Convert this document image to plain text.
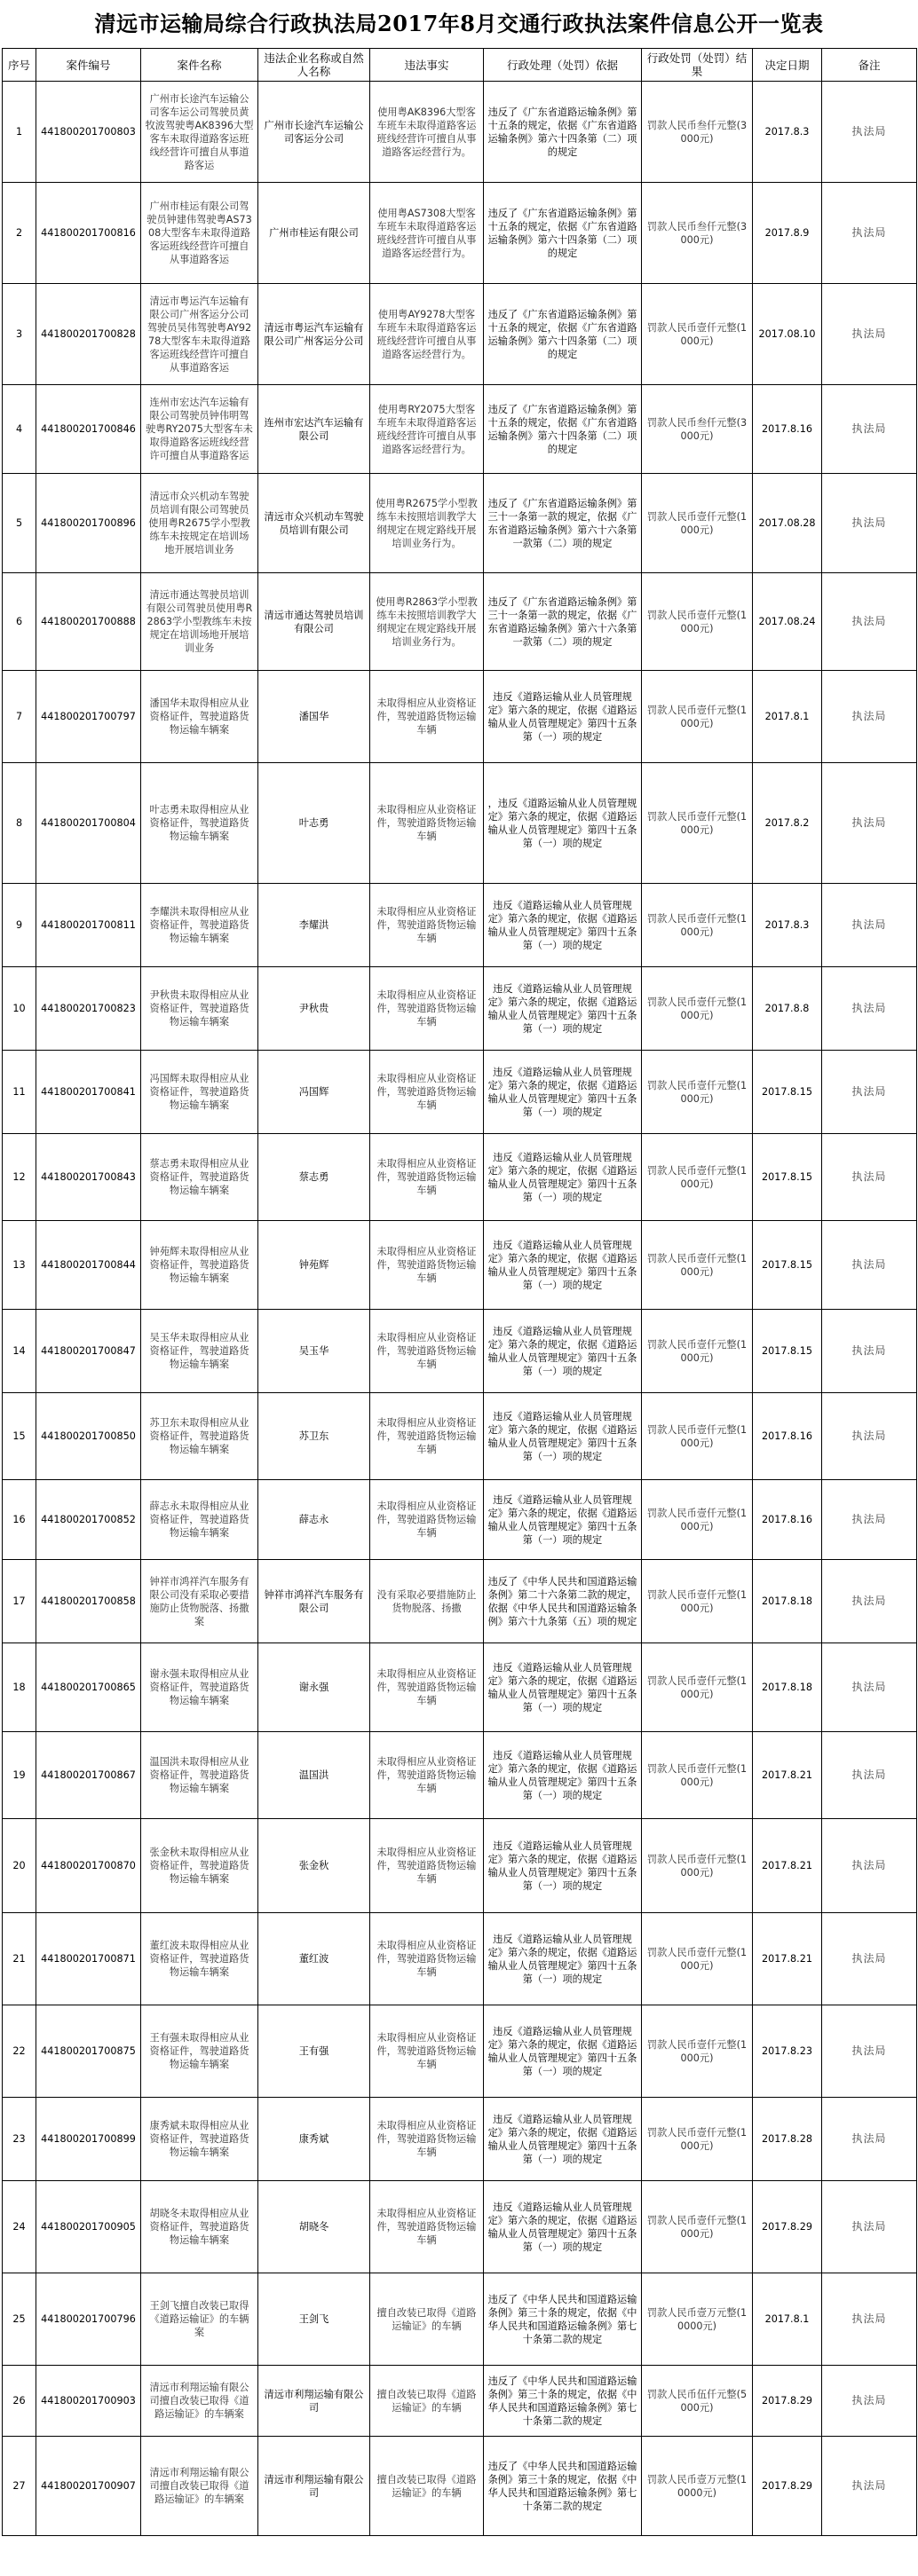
清远市运输局综合行政执法局2017年8月交通行政执法案件信息公开一览表
序号	案件编号	案件名称	违法企业名称或自然人名称	违法事实	行政处理（处罚）依据	行政处罚（处罚）结果	决定日期	备注
1	441800201700803	广州市长途汽车运输公司客车运公司驾驶员黄牧波驾驶粤AK8396大型客车未取得道路客运班线经营许可擅自从事道路客运	广州市长途汽车运输公司客运分公司	使用粤AK8396大型客车班车未取得道路客运班线经营许可擅自从事道路客运经营行为。	违反了《广东省道路运输条例》第十五条的规定，依据《广东省道路运输条例》第六十四条第（二）项的规定	罚款人民币叁仟元整(3000元)	2017.8.3	执法局
2	441800201700816	广州市桂运有限公司驾驶员钟建伟驾驶粤AS7308大型客车未取得道路客运班线经营许可擅自从事道路客运	广州市桂运有限公司	使用粤AS7308大型客车班车未取得道路客运班线经营许可擅自从事道路客运经营行为。	违反了《广东省道路运输条例》第十五条的规定，依据《广东省道路运输条例》第六十四条第（二）项的规定	罚款人民币叁仟元整(3000元)	2017.8.9	执法局
3	441800201700828	清远市粤运汽车运输有限公司广州客运分公司驾驶员吴伟驾驶粤AY9278大型客车未取得道路客运班线经营许可擅自从事道路客运	清远市粤运汽车运输有限公司广州客运分公司	使用粤AY9278大型客车班车未取得道路客运班线经营许可擅自从事道路客运经营行为。	违反了《广东省道路运输条例》第十五条的规定，依据《广东省道路运输条例》第六十四条第（二）项的规定	罚款人民币壹仟元整(1000元)	2017.08.10	执法局
4	441800201700846	连州市宏达汽车运输有限公司驾驶员钟伟明驾驶粤RY2075大型客车未取得道路客运班线经营许可擅自从事道路客运	连州市宏达汽车运输有限公司	使用粤RY2075大型客车班车未取得道路客运班线经营许可擅自从事道路客运经营行为。	违反了《广东省道路运输条例》第十五条的规定，依据《广东省道路运输条例》第六十四条第（二）项的规定	罚款人民币叁仟元整(3000元)	2017.8.16	执法局
5	441800201700896	清远市众兴机动车驾驶员培训有限公司驾驶员使用粤R2675学小型教练车未按规定在培训场地开展培训业务	清远市众兴机动车驾驶员培训有限公司	使用粤R2675学小型教练车未按照培训教学大纲规定在规定路线开展培训业务行为。	违反了《广东省道路运输条例》第三十一条第一款的规定，依据《广东省道路运输条例》第六十六条第一款第（二）项的规定	罚款人民币壹仟元整(1000元)	2017.08.28	执法局
6	441800201700888	清远市通达驾驶员培训有限公司驾驶员使用粤R2863学小型教练车未按规定在培训场地开展培训业务	清远市通达驾驶员培训有限公司	使用粤R2863学小型教练车未按照培训教学大纲规定在规定路线开展培训业务行为。	违反了《广东省道路运输条例》第三十一条第一款的规定，依据《广东省道路运输条例》第六十六条第一款第（二）项的规定	罚款人民币壹仟元整(1000元)	2017.08.24	执法局
7	441800201700797	潘国华未取得相应从业资格证件，驾驶道路货物运输车辆案	潘国华	未取得相应从业资格证件，驾驶道路货物运输车辆	违反《道路运输从业人员管理规定》第六条的规定，依据《道路运输从业人员管理规定》第四十五条第（一）项的规定	罚款人民币壹仟元整(1000元)	2017.8.1	执法局
8	441800201700804	叶志勇未取得相应从业资格证件，驾驶道路货物运输车辆案	叶志勇	未取得相应从业资格证件，驾驶道路货物运输车辆	，违反《道路运输从业人员管理规定》第六条的规定，依据《道路运输从业人员管理规定》第四十五条第（一）项的规定	罚款人民币壹仟元整(1000元)	2017.8.2	执法局
9	441800201700811	李耀洪未取得相应从业资格证件，驾驶道路货物运输车辆案	李耀洪	未取得相应从业资格证件，驾驶道路货物运输车辆	违反《道路运输从业人员管理规定》第六条的规定，依据《道路运输从业人员管理规定》第四十五条第（一）项的规定	罚款人民币壹仟元整(1000元)	2017.8.3	执法局
10	441800201700823	尹秋贵未取得相应从业资格证件，驾驶道路货物运输车辆案	尹秋贵	未取得相应从业资格证件，驾驶道路货物运输车辆	违反《道路运输从业人员管理规定》第六条的规定，依据《道路运输从业人员管理规定》第四十五条第（一）项的规定	罚款人民币壹仟元整(1000元)	2017.8.8	执法局
11	441800201700841	冯国辉未取得相应从业资格证件，驾驶道路货物运输车辆案	冯国辉	未取得相应从业资格证件，驾驶道路货物运输车辆	违反《道路运输从业人员管理规定》第六条的规定，依据《道路运输从业人员管理规定》第四十五条第（一）项的规定	罚款人民币壹仟元整(1000元)	2017.8.15	执法局
12	441800201700843	蔡志勇未取得相应从业资格证件，驾驶道路货物运输车辆案	蔡志勇	未取得相应从业资格证件，驾驶道路货物运输车辆	违反《道路运输从业人员管理规定》第六条的规定，依据《道路运输从业人员管理规定》第四十五条第（一）项的规定	罚款人民币壹仟元整(1000元)	2017.8.15	执法局
13	441800201700844	钟苑辉未取得相应从业资格证件，驾驶道路货物运输车辆案	钟苑辉	未取得相应从业资格证件，驾驶道路货物运输车辆	违反《道路运输从业人员管理规定》第六条的规定，依据《道路运输从业人员管理规定》第四十五条第（一）项的规定	罚款人民币壹仟元整(1000元)	2017.8.15	执法局
14	441800201700847	吴玉华未取得相应从业资格证件，驾驶道路货物运输车辆案	吴玉华	未取得相应从业资格证件，驾驶道路货物运输车辆	违反《道路运输从业人员管理规定》第六条的规定，依据《道路运输从业人员管理规定》第四十五条第（一）项的规定	罚款人民币壹仟元整(1000元)	2017.8.15	执法局
15	441800201700850	苏卫东未取得相应从业资格证件，驾驶道路货物运输车辆案	苏卫东	未取得相应从业资格证件，驾驶道路货物运输车辆	违反《道路运输从业人员管理规定》第六条的规定，依据《道路运输从业人员管理规定》第四十五条第（一）项的规定	罚款人民币壹仟元整(1000元)	2017.8.16	执法局
16	441800201700852	薛志永未取得相应从业资格证件，驾驶道路货物运输车辆案	薛志永	未取得相应从业资格证件，驾驶道路货物运输车辆	违反《道路运输从业人员管理规定》第六条的规定，依据《道路运输从业人员管理规定》第四十五条第（一）项的规定	罚款人民币壹仟元整(1000元)	2017.8.16	执法局
17	441800201700858	钟祥市鸿祥汽车服务有限公司没有采取必要措施防止货物脱落、扬撒案	钟祥市鸿祥汽车服务有限公司	没有采取必要措施防止货物脱落、扬撒	违反了《中华人民共和国道路运输条例》第二十六条第二款的规定，依据《中华人民共和国道路运输条例》第六十九条第（五）项的规定	罚款人民币壹仟元整(1000元)	2017.8.18	执法局
18	441800201700865	谢永强未取得相应从业资格证件，驾驶道路货物运输车辆案	谢永强	未取得相应从业资格证件，驾驶道路货物运输车辆	违反《道路运输从业人员管理规定》第六条的规定，依据《道路运输从业人员管理规定》第四十五条第（一）项的规定	罚款人民币壹仟元整(1000元)	2017.8.18	执法局
19	441800201700867	温国洪未取得相应从业资格证件，驾驶道路货物运输车辆案	温国洪	未取得相应从业资格证件，驾驶道路货物运输车辆	违反《道路运输从业人员管理规定》第六条的规定，依据《道路运输从业人员管理规定》第四十五条第（一）项的规定	罚款人民币壹仟元整(1000元)	2017.8.21	执法局
20	441800201700870	张金秋未取得相应从业资格证件，驾驶道路货物运输车辆案	张金秋	未取得相应从业资格证件，驾驶道路货物运输车辆	违反《道路运输从业人员管理规定》第六条的规定，依据《道路运输从业人员管理规定》第四十五条第（一）项的规定	罚款人民币壹仟元整(1000元)	2017.8.21	执法局
21	441800201700871	董红波未取得相应从业资格证件，驾驶道路货物运输车辆案	董红波	未取得相应从业资格证件，驾驶道路货物运输车辆	违反《道路运输从业人员管理规定》第六条的规定，依据《道路运输从业人员管理规定》第四十五条第（一）项的规定	罚款人民币壹仟元整(1000元)	2017.8.21	执法局
22	441800201700875	王有强未取得相应从业资格证件，驾驶道路货物运输车辆案	王有强	未取得相应从业资格证件，驾驶道路货物运输车辆	违反《道路运输从业人员管理规定》第六条的规定，依据《道路运输从业人员管理规定》第四十五条第（一）项的规定	罚款人民币壹仟元整(1000元)	2017.8.23	执法局
23	441800201700899	康秀斌未取得相应从业资格证件，驾驶道路货物运输车辆案	康秀斌	未取得相应从业资格证件，驾驶道路货物运输车辆	违反《道路运输从业人员管理规定》第六条的规定，依据《道路运输从业人员管理规定》第四十五条第（一）项的规定	罚款人民币壹仟元整(1000元)	2017.8.28	执法局
24	441800201700905	胡晓冬未取得相应从业资格证件，驾驶道路货物运输车辆案	胡晓冬	未取得相应从业资格证件，驾驶道路货物运输车辆	违反《道路运输从业人员管理规定》第六条的规定，依据《道路运输从业人员管理规定》第四十五条第（一）项的规定	罚款人民币壹仟元整(1000元)	2017.8.29	执法局
25	441800201700796	王剑飞擅自改装已取得《道路运输证》的车辆案	王剑飞	擅自改装已取得《道路运输证》的车辆	违反了《中华人民共和国道路运输条例》第三十条的规定，依据《中华人民共和国道路运输条例》第七十条第二款的规定	罚款人民币壹万元整(10000元)	2017.8.1	执法局
26	441800201700903	清远市利翔运输有限公司擅自改装已取得《道路运输证》的车辆案	清远市利翔运输有限公司	擅自改装已取得《道路运输证》的车辆	违反了《中华人民共和国道路运输条例》第三十条的规定，依据《中华人民共和国道路运输条例》第七十条第二款的规定	罚款人民币伍仟元整(5000元)	2017.8.29	执法局
27	441800201700907	清远市利翔运输有限公司擅自改装已取得《道路运输证》的车辆案	清远市利翔运输有限公司	擅自改装已取得《道路运输证》的车辆	违反了《中华人民共和国道路运输条例》第三十条的规定，依据《中华人民共和国道路运输条例》第七十条第二款的规定	罚款人民币壹万元整(10000元)	2017.8.29	执法局
